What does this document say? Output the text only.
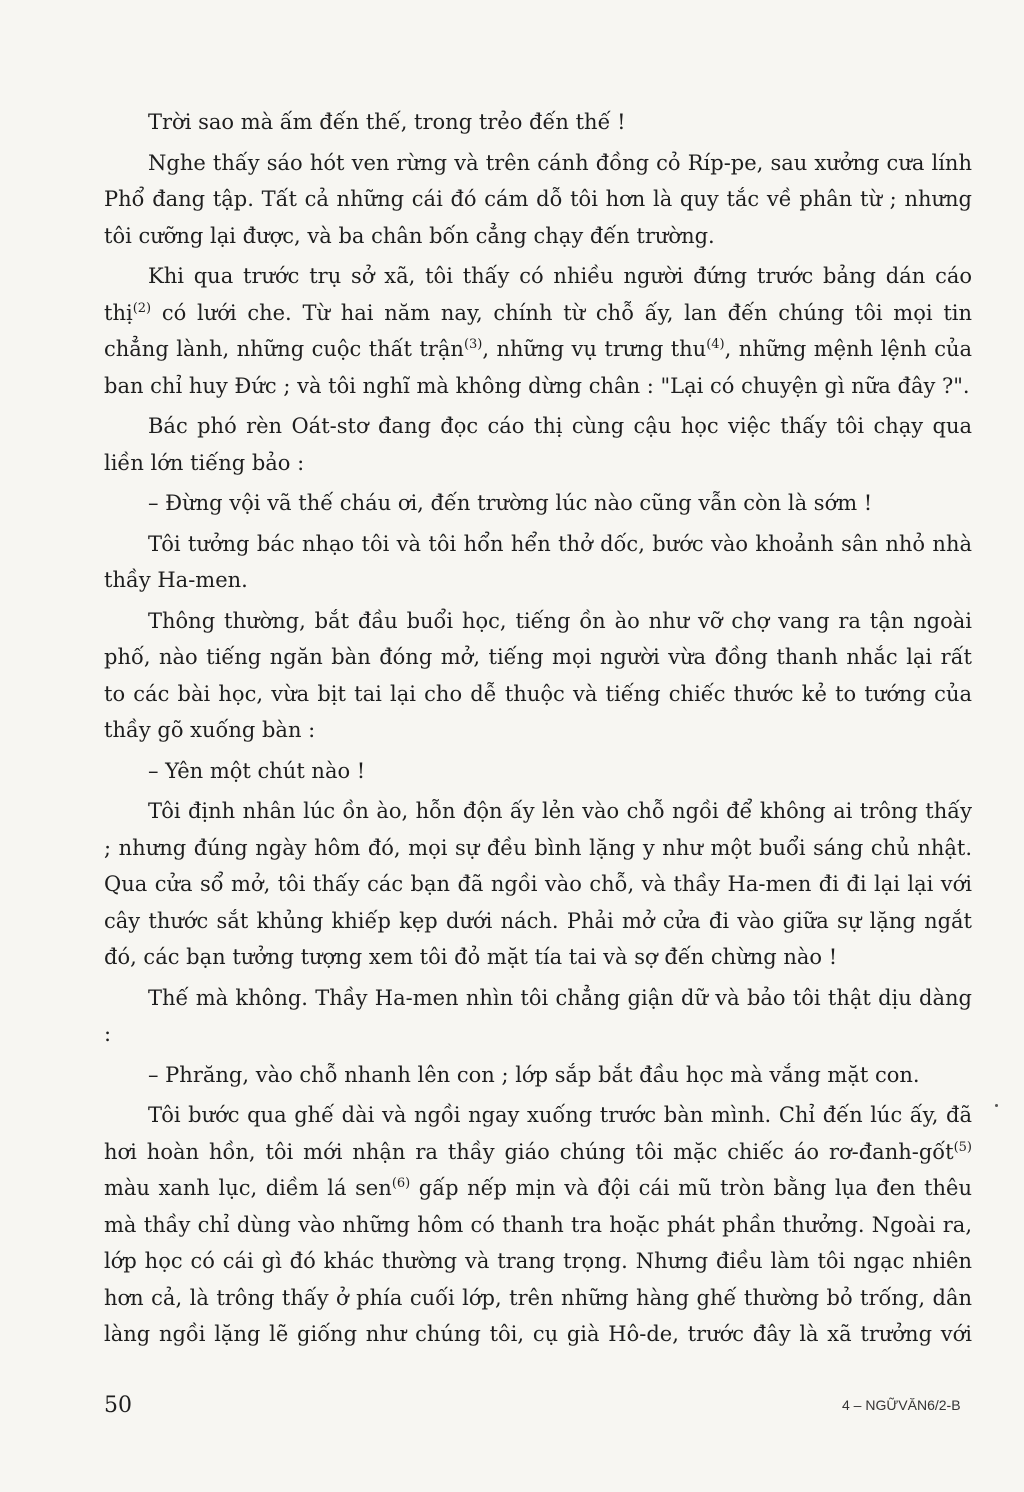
Trời sao mà ấm đến thế, trong trẻo đến thế !

Nghe thấy sáo hót ven rừng và trên cánh đồng cỏ Ríp-pe, sau xưởng cưa lính Phổ đang tập. Tất cả những cái đó cám dỗ tôi hơn là quy tắc về phân từ ; nhưng tôi cưỡng lại được, và ba chân bốn cẳng chạy đến trường.

Khi qua trước trụ sở xã, tôi thấy có nhiều người đứng trước bảng dán cáo thị$^{(2)}$ có lưới che. Từ hai năm nay, chính từ chỗ ấy, lan đến chúng tôi mọi tin chẳng lành, những cuộc thất trận$^{(3)}$, những vụ trưng thu$^{(4)}$, những mệnh lệnh của ban chỉ huy Đức ; và tôi nghĩ mà không dừng chân : "Lại có chuyện gì nữa đây ?".

Bác phó rèn Oát-stơ đang đọc cáo thị cùng cậu học việc thấy tôi chạy qua liền lớn tiếng bảo :

– Đừng vội vã thế cháu ơi, đến trường lúc nào cũng vẫn còn là sớm !

Tôi tưởng bác nhạo tôi và tôi hổn hển thở dốc, bước vào khoảnh sân nhỏ nhà thầy Ha-men.

Thông thường, bắt đầu buổi học, tiếng ồn ào như vỡ chợ vang ra tận ngoài phố, nào tiếng ngăn bàn đóng mở, tiếng mọi người vừa đồng thanh nhắc lại rất to các bài học, vừa bịt tai lại cho dễ thuộc và tiếng chiếc thước kẻ to tướng của thầy gõ xuống bàn :

– Yên một chút nào !

Tôi định nhân lúc ồn ào, hỗn độn ấy lẻn vào chỗ ngồi để không ai trông thấy ; nhưng đúng ngày hôm đó, mọi sự đều bình lặng y như một buổi sáng chủ nhật. Qua cửa sổ mở, tôi thấy các bạn đã ngồi vào chỗ, và thầy Ha-men đi đi lại lại với cây thước sắt khủng khiếp kẹp dưới nách. Phải mở cửa đi vào giữa sự lặng ngắt đó, các bạn tưởng tượng xem tôi đỏ mặt tía tai và sợ đến chừng nào !

Thế mà không. Thầy Ha-men nhìn tôi chẳng giận dữ và bảo tôi thật dịu dàng :

– Phrăng, vào chỗ nhanh lên con ; lớp sắp bắt đầu học mà vắng mặt con.

Tôi bước qua ghế dài và ngồi ngay xuống trước bàn mình. Chỉ đến lúc ấy, đã hơi hoàn hồn, tôi mới nhận ra thầy giáo chúng tôi mặc chiếc áo rơ-đanh-gốt$^{(5)}$ màu xanh lục, diềm lá sen$^{(6)}$ gấp nếp mịn và đội cái mũ tròn bằng lụa đen thêu mà thầy chỉ dùng vào những hôm có thanh tra hoặc phát phần thưởng. Ngoài ra, lớp học có cái gì đó khác thường và trang trọng. Nhưng điều làm tôi ngạc nhiên hơn cả, là trông thấy ở phía cuối lớp, trên những hàng ghế thường bỏ trống, dân làng ngồi lặng lẽ giống như chúng tôi, cụ già Hô-de, trước đây là xã trưởng với

50	4 – NGỮVĂN6/2-B
